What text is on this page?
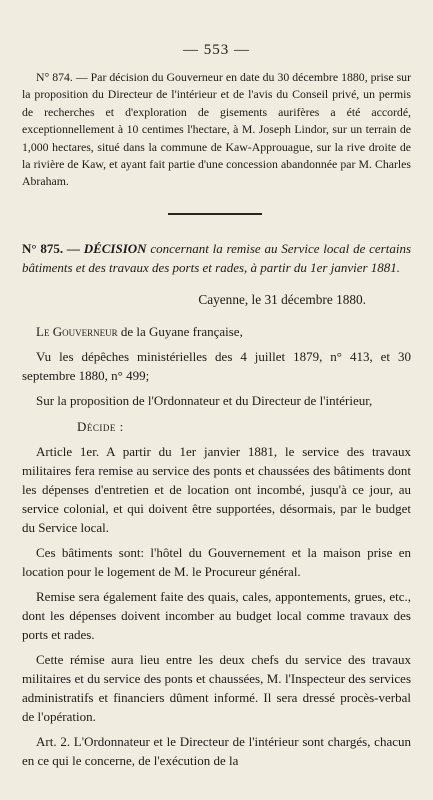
— 553 —

N° 874. — Par décision du Gouverneur en date du 30 décembre 1880, prise sur la proposition du Directeur de l'intérieur et de l'avis du Conseil privé, un permis de recherches et d'exploration de gisements aurifères a été accordé, exceptionnellement à 10 centimes l'hectare, à M. Joseph Lindor, sur un terrain de 1,000 hectares, situé dans la commune de Kaw-Approuague, sur la rive droite de la rivière de Kaw, et ayant fait partie d'une concession abandonnée par M. Charles Abraham.

N° 875. — DÉCISION concernant la remise au Service local de certains bâtiments et des travaux des ports et rades, à partir du 1er janvier 1881.

Cayenne, le 31 décembre 1880.

Le Gouverneur de la Guyane française,

Vu les dépêches ministérielles des 4 juillet 1879, n° 413, et 30 septembre 1880, n° 499;

Sur la proposition de l'Ordonnateur et du Directeur de l'intérieur,

Décide :

Article 1er. A partir du 1er janvier 1881, le service des travaux militaires fera remise au service des ponts et chaussées des bâtiments dont les dépenses d'entretien et de location ont incombé, jusqu'à ce jour, au service colonial, et qui doivent être supportées, désormais, par le budget du Service local.

Ces bâtiments sont: l'hôtel du Gouvernement et la maison prise en location pour le logement de M. le Procureur général.

Remise sera également faite des quais, cales, appontements, grues, etc., dont les dépenses doivent incomber au budget local comme travaux des ports et rades.

Cette rémise aura lieu entre les deux chefs du service des travaux militaires et du service des ponts et chaussées, M. l'Inspecteur des services administratifs et financiers dûment informé. Il sera dressé procès-verbal de l'opération.

Art. 2. L'Ordonnateur et le Directeur de l'intérieur sont chargés, chacun en ce qui le concerne, de l'exécution de la
